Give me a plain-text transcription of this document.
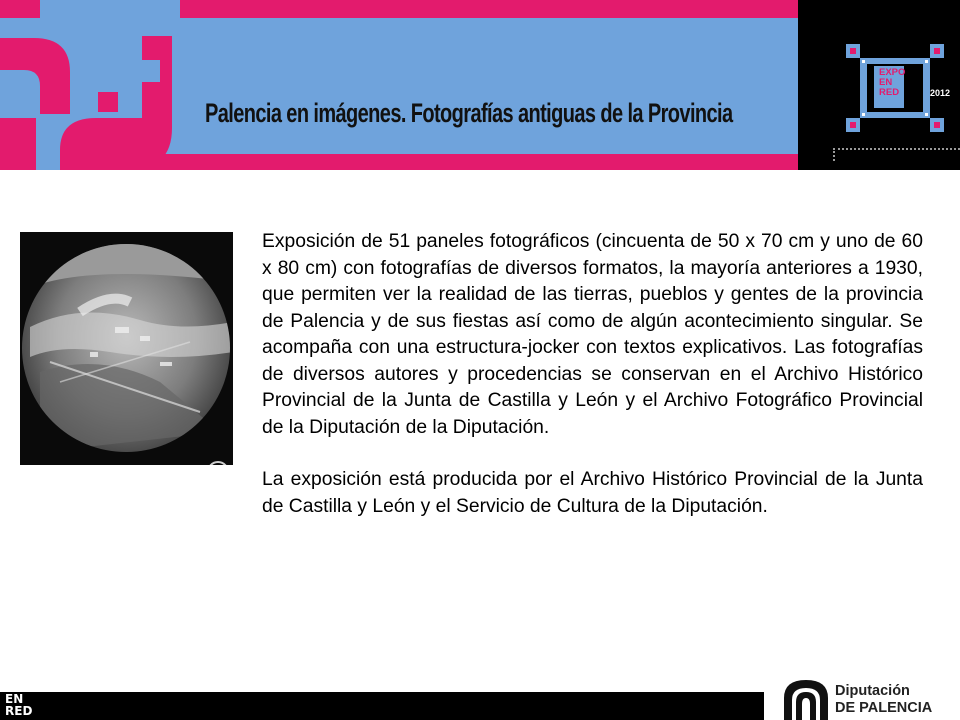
Palencia en imágenes. Fotografías antiguas de la Provincia
EXPO
EN
RED	2012

Exposición de 51 paneles fotográficos (cincuenta de 50 x 70 cm y uno de 60 x 80 cm) con fotografías de diversos formatos, la mayoría anteriores a 1930, que permiten ver la realidad de las tierras, pueblos y gentes de la provincia de Palencia y de sus fiestas así como de algún acontecimiento singular. Se acompaña con una estructura-jocker con textos explicativos. Las fotografías de diversos autores y procedencias se conservan en el Archivo Histórico Provincial de la Junta de Castilla y León y el Archivo Fotográfico Provincial de la Diputación de la Diputación.

La exposición está producida por el Archivo Histórico Provincial de la Junta de Castilla y León y el Servicio de Cultura de la Diputación.

EN
RED
Diputación
DE PALENCIA
